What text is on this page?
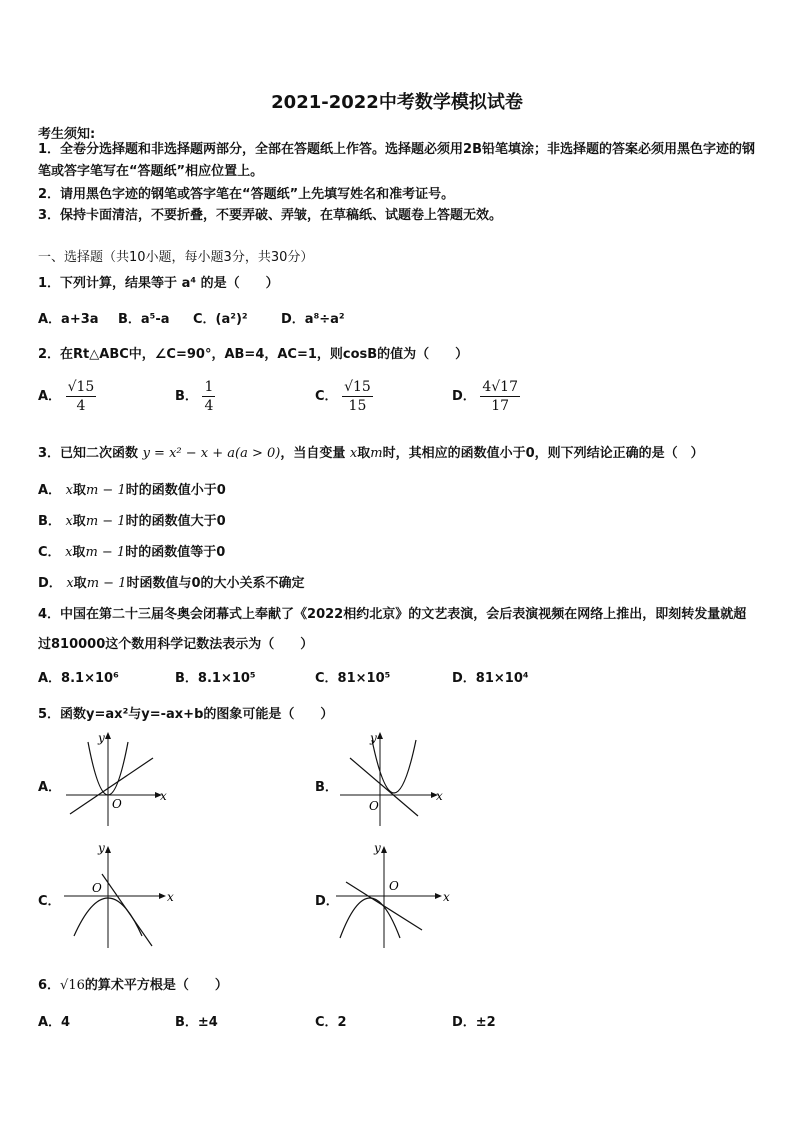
2021-2022中考数学模拟试卷
考生须知:
1．全卷分选择题和非选择题两部分，全部在答题纸上作答。选择题必须用2B铅笔填涂；非选择题的答案必须用黑色字迹的钢笔或答字笔写在“答题纸”相应位置上。
2．请用黑色字迹的钢笔或答字笔在“答题纸”上先填写姓名和准考证号。
3．保持卡面清洁，不要折叠，不要弄破、弄皱，在草稿纸、试题卷上答题无效。
一、选择题（共10小题，每小题3分，共30分）
1．下列计算，结果等于 a⁴ 的是（　　）
A．a+3a B．a⁵-a C．(a²)²	D．a⁸÷a²
2．在Rt△ABC中，∠C=90°，AB=4，AC=1，则cosB的值为（　　）
A． $\frac{√15}{4}$	B． $\frac{1}{4}$	C． $\frac{√15}{15}$	D． $\frac{4√17}{17}$
3．已知二次函数 y = x² − x + a(a > 0)，当自变量 x取m时，其相应的函数值小于0，则下列结论正确的是（　）
A． x取m − 1时的函数值小于0
B． x取m − 1时的函数值大于0
C． x取m − 1时的函数值等于0
D． x取m − 1时函数值与0的大小关系不确定
4．中国在第二十三届冬奥会闭幕式上奉献了《2022相约北京》的文艺表演，会后表演视频在网络上推出，即刻转发量就超过810000这个数用科学记数法表示为（　　）
A．8.1×10⁶	B．8.1×10⁵	C．81×10⁵	D．81×10⁴
5．函数y=ax²与y=-ax+b的图象可能是（　　）
A．	B．
C．	D．
O
x
y
O
x
y
O
x
y
O
x
y
6．√16的算术平方根是（　　）
A．4	B．±4	C．2	D．±2
